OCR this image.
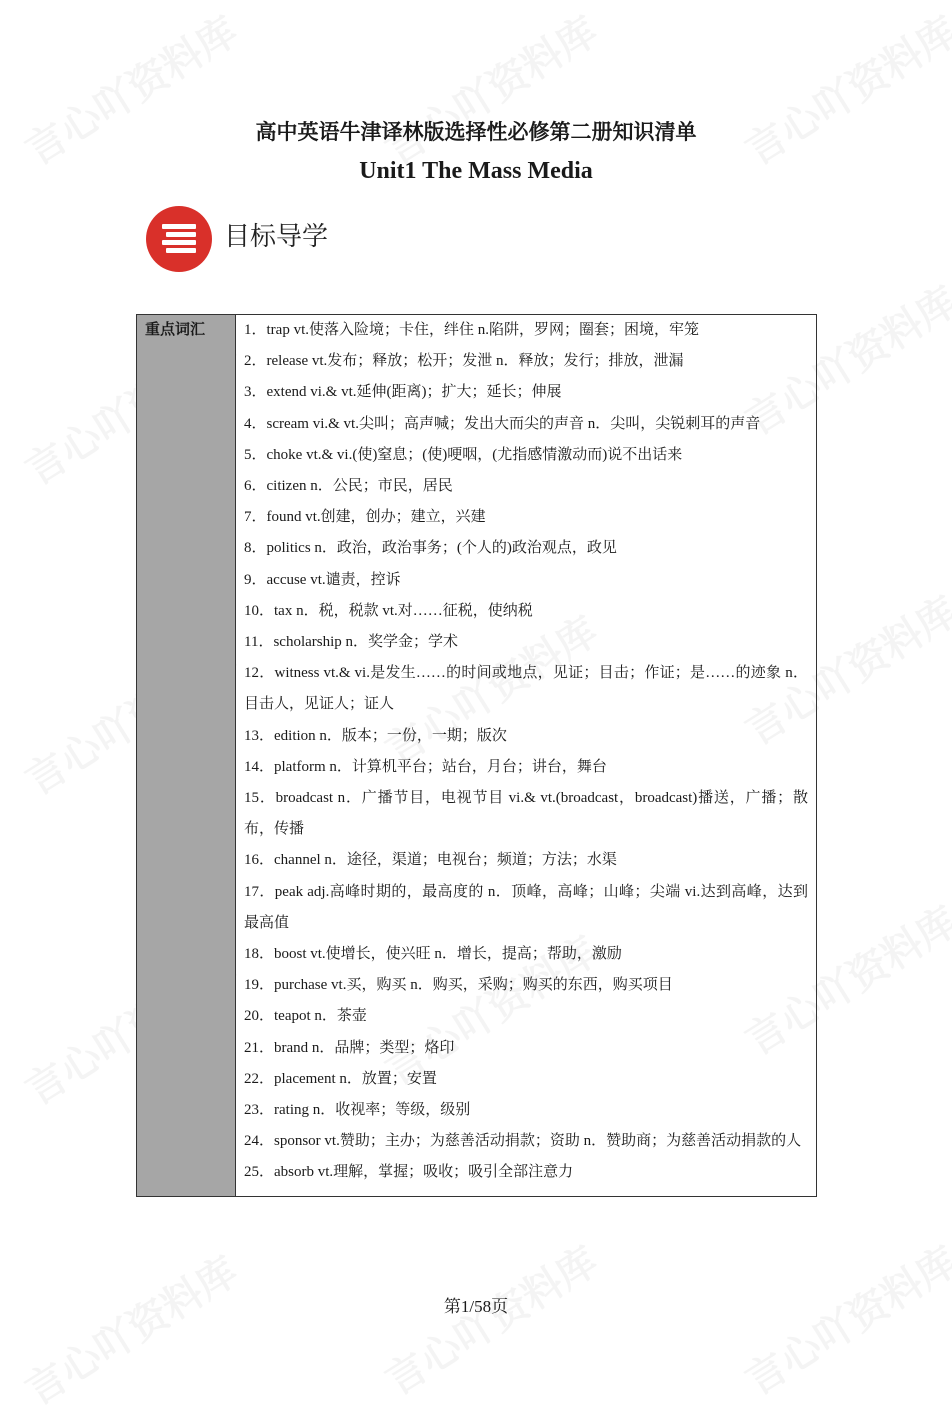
高中英语牛津译林版选择性必修第二册知识清单
Unit1 The Mass Media
目标导学
重点词汇	1．trap vt.使落入险境；卡住，绊住 n.陷阱，罗网；圈套；困境，牢笼
2．release vt.发布；释放；松开；发泄 n．释放；发行；排放，泄漏
3．extend vi.& vt.延伸(距离)；扩大；延长；伸展
4．scream vi.& vt.尖叫；高声喊；发出大而尖的声音 n．尖叫，尖锐刺耳的声音
5．choke vt.& vi.(使)窒息；(使)哽咽，(尤指感情激动而)说不出话来
6．citizen n．公民；市民，居民
7．found vt.创建，创办；建立，兴建
8．politics n．政治，政治事务；(个人的)政治观点，政见
9．accuse vt.谴责，控诉
10．tax n．税，税款 vt.对……征税，使纳税
11．scholarship n．奖学金；学术
12．witness vt.& vi.是发生……的时间或地点，见证；目击；作证；是……的迹象 n．目击人，见证人；证人
13．edition n．版本；一份，一期；版次
14．platform n．计算机平台；站台，月台；讲台，舞台
15．broadcast n．广播节目，电视节目 vi.& vt.(broadcast，broadcast)播送，广播；散布，传播
16．channel n．途径，渠道；电视台；频道；方法；水渠
17．peak adj.高峰时期的，最高度的 n．顶峰，高峰；山峰；尖端 vi.达到高峰，达到最高值
18．boost vt.使增长，使兴旺 n．增长，提高；帮助，激励
19．purchase vt.买，购买 n．购买，采购；购买的东西，购买项目
20．teapot n．茶壶
21．brand n．品牌；类型；烙印
22．placement n．放置；安置
23．rating n．收视率；等级，级别
24．sponsor vt.赞助；主办；为慈善活动捐款；资助 n．赞助商；为慈善活动捐款的人
25．absorb vt.理解，掌握；吸收；吸引全部注意力
第1/58页
